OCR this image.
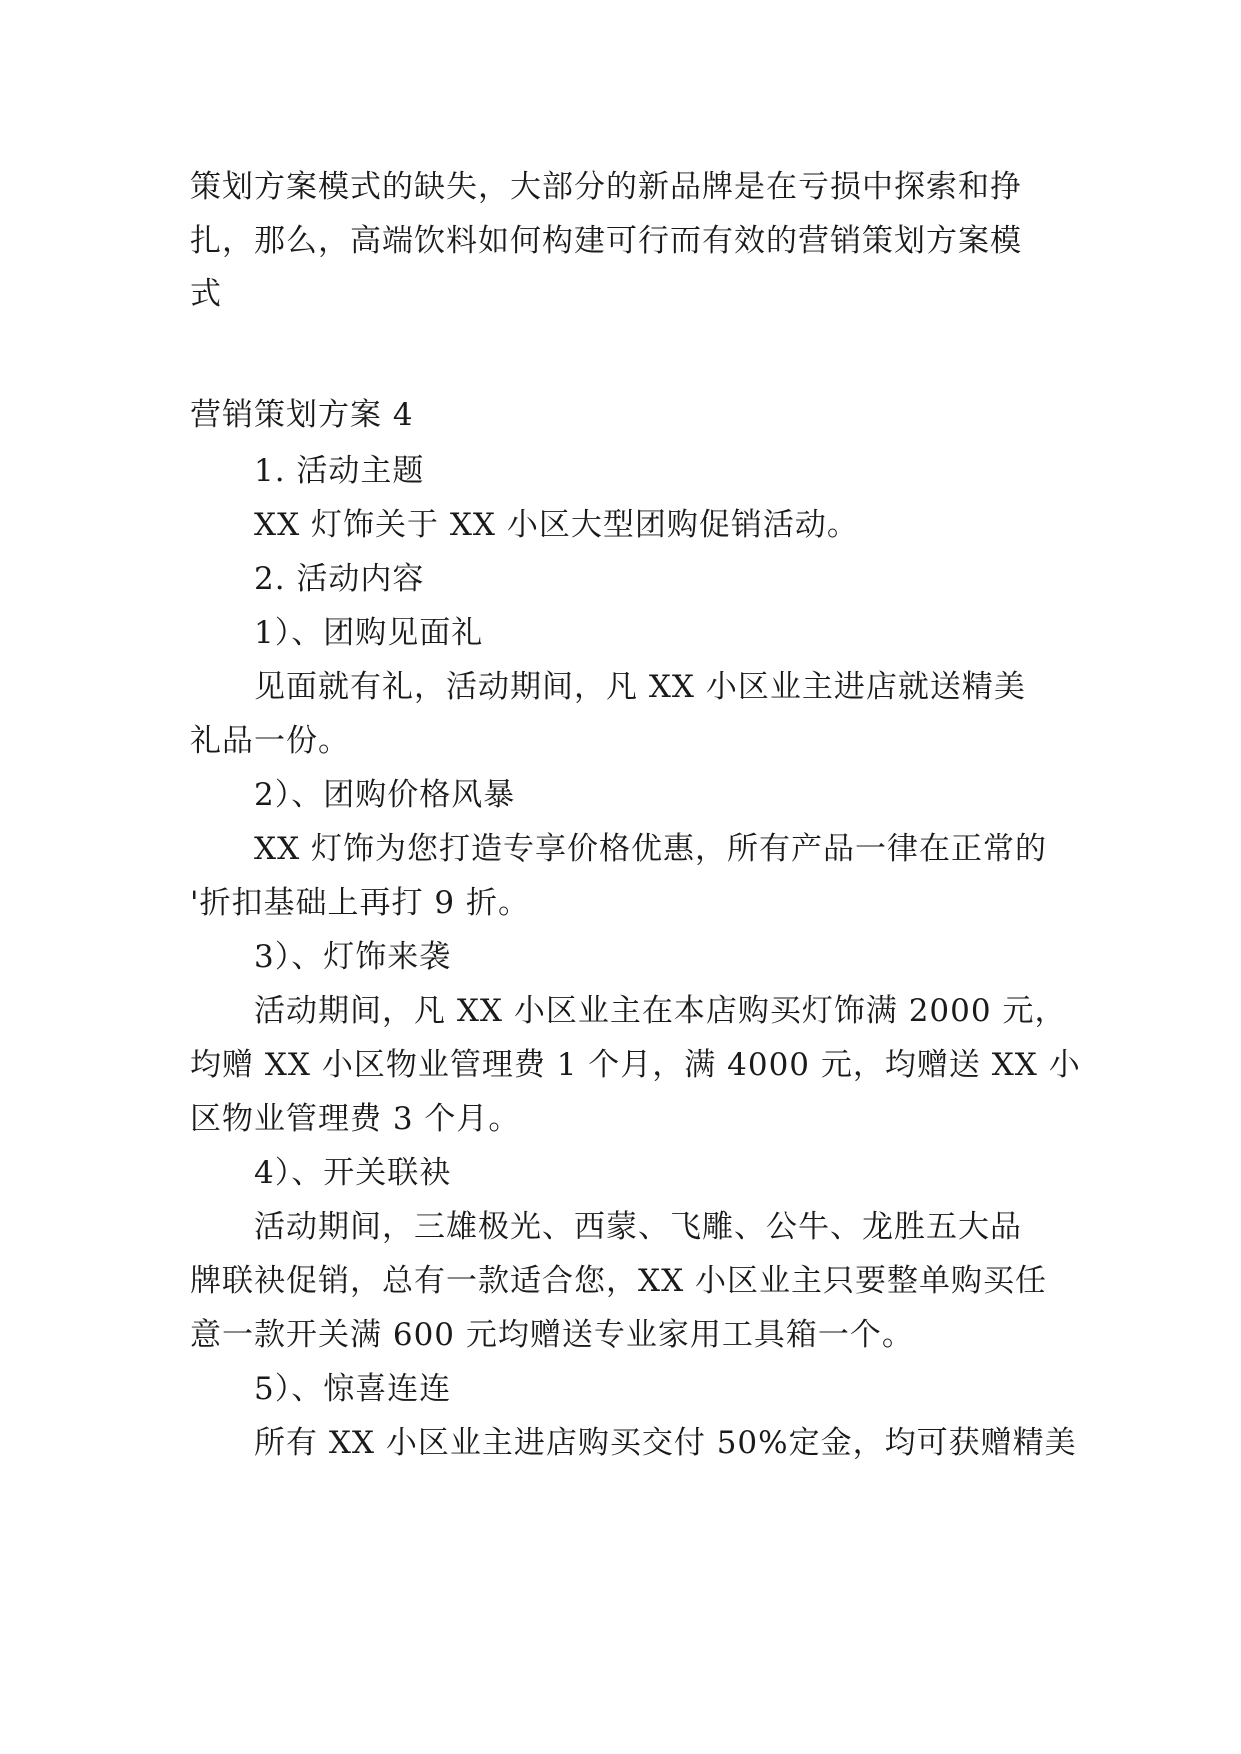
策划方案模式的缺失，大部分的新品牌是在亏损中探索和挣
扎，那么，高端饮料如何构建可行而有效的营销策划方案模
式
营销策划方案 4
1. 活动主题
XX 灯饰关于 XX 小区大型团购促销活动。
2. 活动内容
1）、团购见面礼
见面就有礼，活动期间，凡 XX 小区业主进店就送精美
礼品一份。
2）、团购价格风暴
XX 灯饰为您打造专享价格优惠，所有产品一律在正常的
'折扣基础上再打 9 折。
3）、灯饰来袭
活动期间，凡 XX 小区业主在本店购买灯饰满 2000 元，
均赠 XX 小区物业管理费 1 个月，满 4000 元，均赠送 XX 小
区物业管理费 3 个月。
4）、开关联袂
活动期间，三雄极光、西蒙、飞雕、公牛、龙胜五大品
牌联袂促销，总有一款适合您，XX 小区业主只要整单购买任
意一款开关满 600 元均赠送专业家用工具箱一个。
5）、惊喜连连
所有 XX 小区业主进店购买交付 50%定金，均可获赠精美
